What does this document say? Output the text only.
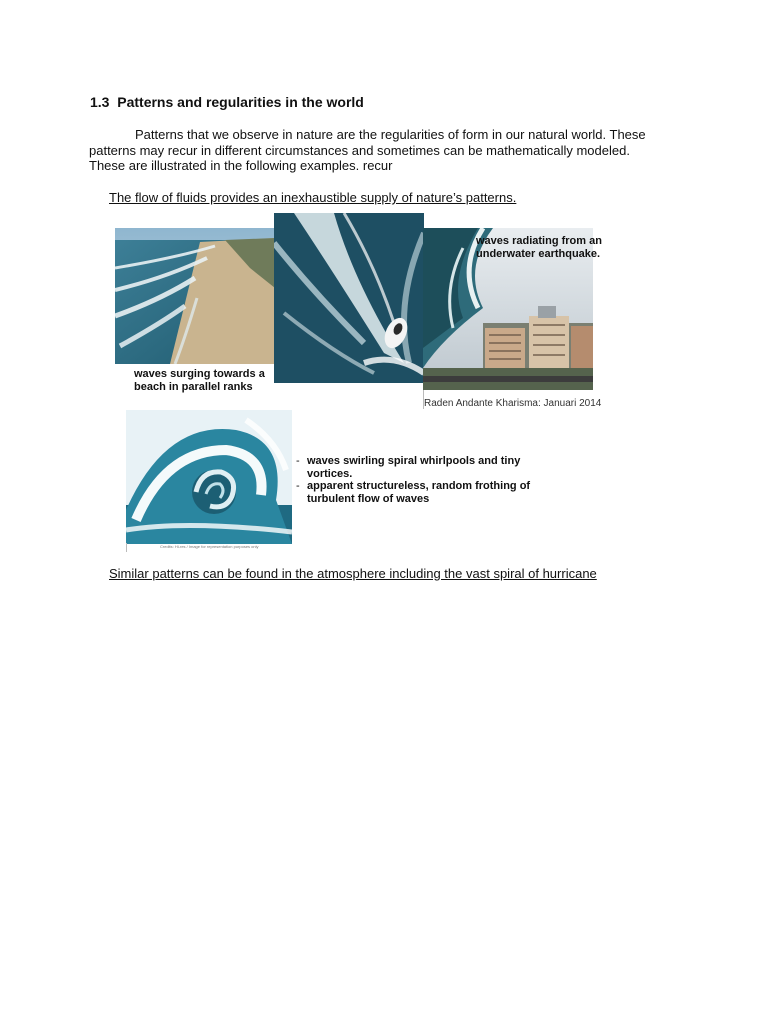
1.3 Patterns and regularities in the world
Patterns that we observe in nature are the regularities of form in our natural world. These
patterns may recur in different circumstances and sometimes can be mathematically modeled.
These are illustrated in the following examples. recur
The flow of fluids provides an inexhaustible supply of nature’s patterns.
waves surging towards a beach in parallel ranks
waves radiating from an underwater earthquake.
Raden Andante Kharisma: Januari 2014
Credits: Hi-res / Image for representation purposes only
- waves swirling spiral whirlpools and tiny vortices.
- apparent structureless, random frothing of turbulent flow of waves
Similar patterns can be found in the atmosphere including the vast spiral of hurricane
